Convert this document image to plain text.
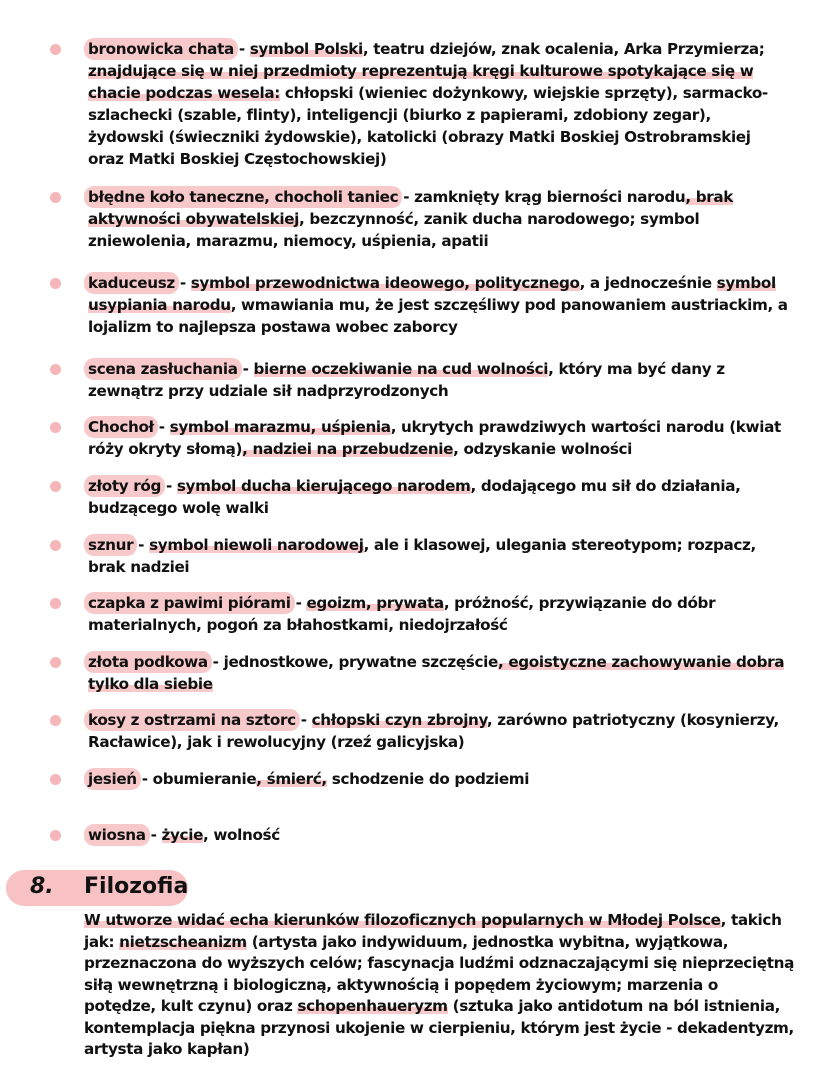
bronowicka chata - symbol Polski, teatru dziejów, znak ocalenia, Arka Przymierza; znajdujące się w niej przedmioty reprezentują kręgi kulturowe spotykające się w chacie podczas wesela: chłopski (wieniec dożynkowy, wiejskie sprzęty), sarmacko-szlachecki (szable, flinty), inteligencji (biurko z papierami, zdobiony zegar), żydowski (świeczniki żydowskie), katolicki (obrazy Matki Boskiej Ostrobramskiej oraz Matki Boskiej Częstochowskiej)
błędne koło taneczne, chocholi taniec - zamknięty krąg bierności narodu, brak aktywności obywatelskiej, bezczynność, zanik ducha narodowego; symbol zniewolenia, marazmu, niemocy, uśpienia, apatii
kaduceusz - symbol przewodnictwa ideowego, politycznego, a jednocześnie symbol usypiania narodu, wmawiania mu, że jest szczęśliwy pod panowaniem austriackim, a lojalizm to najlepsza postawa wobec zaborcy
scena zasłuchania - bierne oczekiwanie na cud wolności, który ma być dany z zewnątrz przy udziale sił nadprzyrodzonych
Chochoł - symbol marazmu, uśpienia, ukrytych prawdziwych wartości narodu (kwiat róży okryty słomą), nadziei na przebudzenie, odzyskanie wolności
złoty róg - symbol ducha kierującego narodem, dodającego mu sił do działania, budzącego wolę walki
sznur - symbol niewoli narodowej, ale i klasowej, ulegania stereotypom; rozpacz, brak nadziei
czapka z pawimi piórami - egoizm, prywata, próżność, przywiązanie do dóbr materialnych, pogoń za błahostkami, niedojrzałość
złota podkowa - jednostkowe, prywatne szczęście, egoistyczne zachowywanie dobra tylko dla siebie
kosy z ostrzami na sztorc - chłopski czyn zbrojny, zarówno patriotyczny (kosynierzy, Racławice), jak i rewolucyjny (rzeź galicyjska)
jesień - obumieranie, śmierć, schodzenie do podziemi
wiosna - życie, wolność
8. Filozofia
W utworze widać echa kierunków filozoficznych popularnych w Młodej Polsce, takich jak: nietzscheanizm (artysta jako indywiduum, jednostka wybitna, wyjątkowa, przeznaczona do wyższych celów; fascynacja ludźmi odznaczającymi się nieprzeciętną siłą wewnętrzną i biologiczną, aktywnością i popędem życiowym; marzenia o potędze, kult czynu) oraz schopenhaueryzm (sztuka jako antidotum na ból istnienia, kontemplacja piękna przynosi ukojenie w cierpieniu, którym jest życie - dekadentyzm, artysta jako kapłan)
